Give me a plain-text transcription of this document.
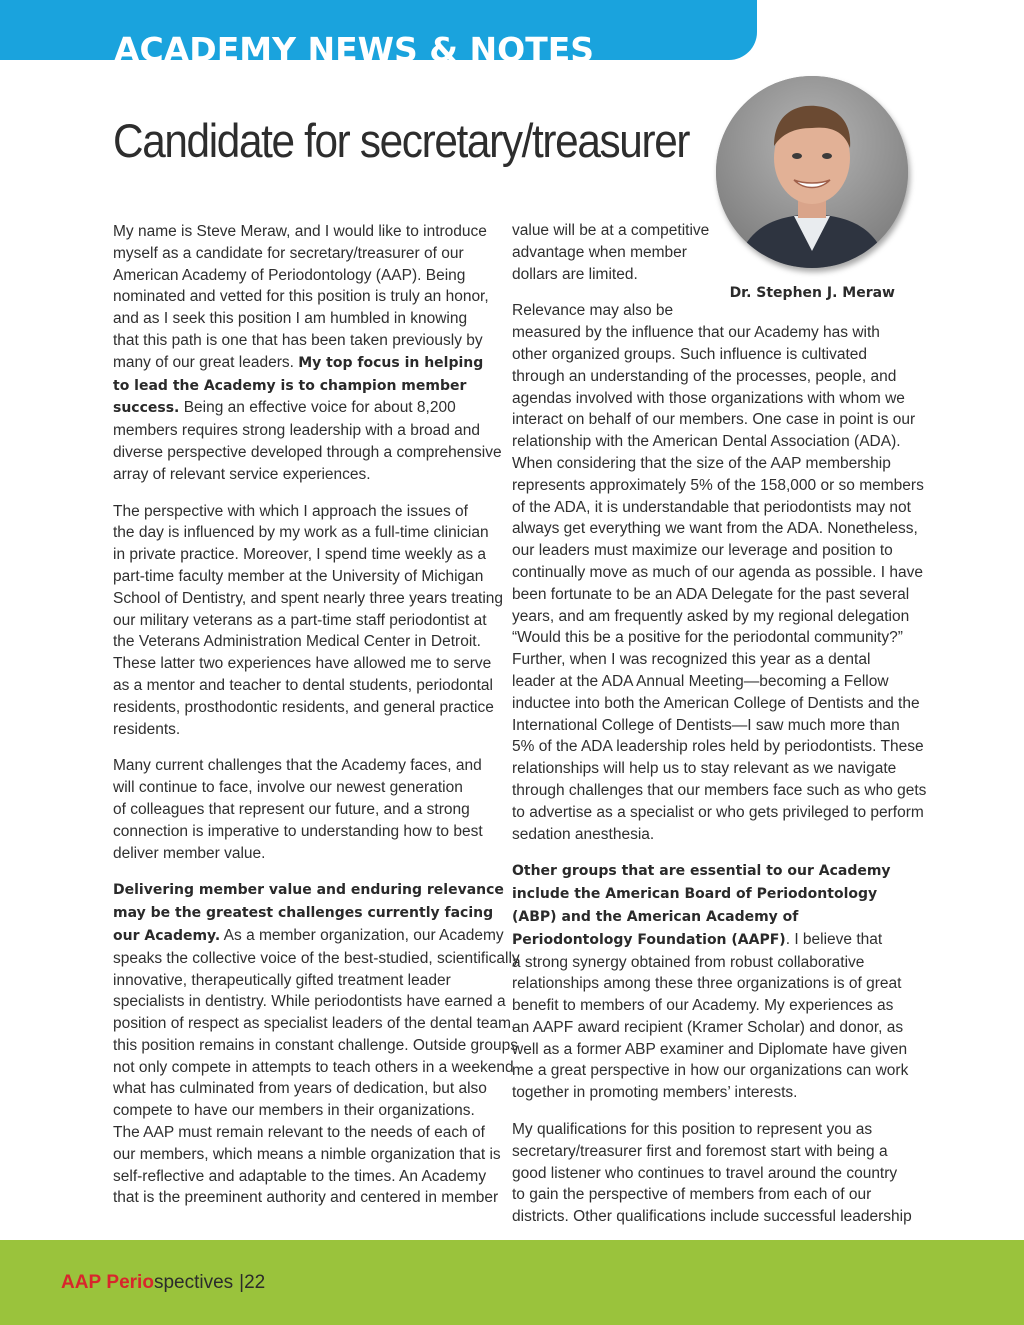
ACADEMY NEWS & NOTES
Candidate for secretary/treasurer

Dr. Stephen J. Meraw

My name is Steve Meraw, and I would like to introduce
myself as a candidate for secretary/treasurer of our
American Academy of Periodontology (AAP). Being
nominated and vetted for this position is truly an honor,
and as I seek this position I am humbled in knowing
that this path is one that has been taken previously by
many of our great leaders. My top focus in helping
to lead the Academy is to champion member
success. Being an effective voice for about 8,200
members requires strong leadership with a broad and
diverse perspective developed through a comprehensive
array of relevant service experiences.

The perspective with which I approach the issues of
the day is influenced by my work as a full-time clinician
in private practice. Moreover, I spend time weekly as a
part-time faculty member at the University of Michigan
School of Dentistry, and spent nearly three years treating
our military veterans as a part-time staff periodontist at
the Veterans Administration Medical Center in Detroit.
These latter two experiences have allowed me to serve
as a mentor and teacher to dental students, periodontal
residents, prosthodontic residents, and general practice
residents.

Many current challenges that the Academy faces, and
will continue to face, involve our newest generation
of colleagues that represent our future, and a strong
connection is imperative to understanding how to best
deliver member value.

Delivering member value and enduring relevance
may be the greatest challenges currently facing
our Academy. As a member organization, our Academy
speaks the collective voice of the best-studied, scientifically
innovative, therapeutically gifted treatment leader
specialists in dentistry. While periodontists have earned a
position of respect as specialist leaders of the dental team,
this position remains in constant challenge. Outside groups
not only compete in attempts to teach others in a weekend
what has culminated from years of dedication, but also
compete to have our members in their organizations.
The AAP must remain relevant to the needs of each of
our members, which means a nimble organization that is
self-reflective and adaptable to the times. An Academy
that is the preeminent authority and centered in member

value will be at a competitive
advantage when member
dollars are limited.

Relevance may also be
measured by the influence that our Academy has with
other organized groups. Such influence is cultivated
through an understanding of the processes, people, and
agendas involved with those organizations with whom we
interact on behalf of our members. One case in point is our
relationship with the American Dental Association (ADA).
When considering that the size of the AAP membership
represents approximately 5% of the 158,000 or so members
of the ADA, it is understandable that periodontists may not
always get everything we want from the ADA. Nonetheless,
our leaders must maximize our leverage and position to
continually move as much of our agenda as possible. I have
been fortunate to be an ADA Delegate for the past several
years, and am frequently asked by my regional delegation
“Would this be a positive for the periodontal community?”
Further, when I was recognized this year as a dental
leader at the ADA Annual Meeting—becoming a Fellow
inductee into both the American College of Dentists and the
International College of Dentists—I saw much more than
5% of the ADA leadership roles held by periodontists. These
relationships will help us to stay relevant as we navigate
through challenges that our members face such as who gets
to advertise as a specialist or who gets privileged to perform
sedation anesthesia.

Other groups that are essential to our Academy
include the American Board of Periodontology
(ABP) and the American Academy of
Periodontology Foundation (AAPF). I believe that
a strong synergy obtained from robust collaborative
relationships among these three organizations is of great
benefit to members of our Academy. My experiences as
an AAPF award recipient (Kramer Scholar) and donor, as
well as a former ABP examiner and Diplomate have given
me a great perspective in how our organizations can work
together in promoting members’ interests.

My qualifications for this position to represent you as
secretary/treasurer first and foremost start with being a
good listener who continues to travel around the country
to gain the perspective of members from each of our
districts. Other qualifications include successful leadership

AAP Periospectives |22
